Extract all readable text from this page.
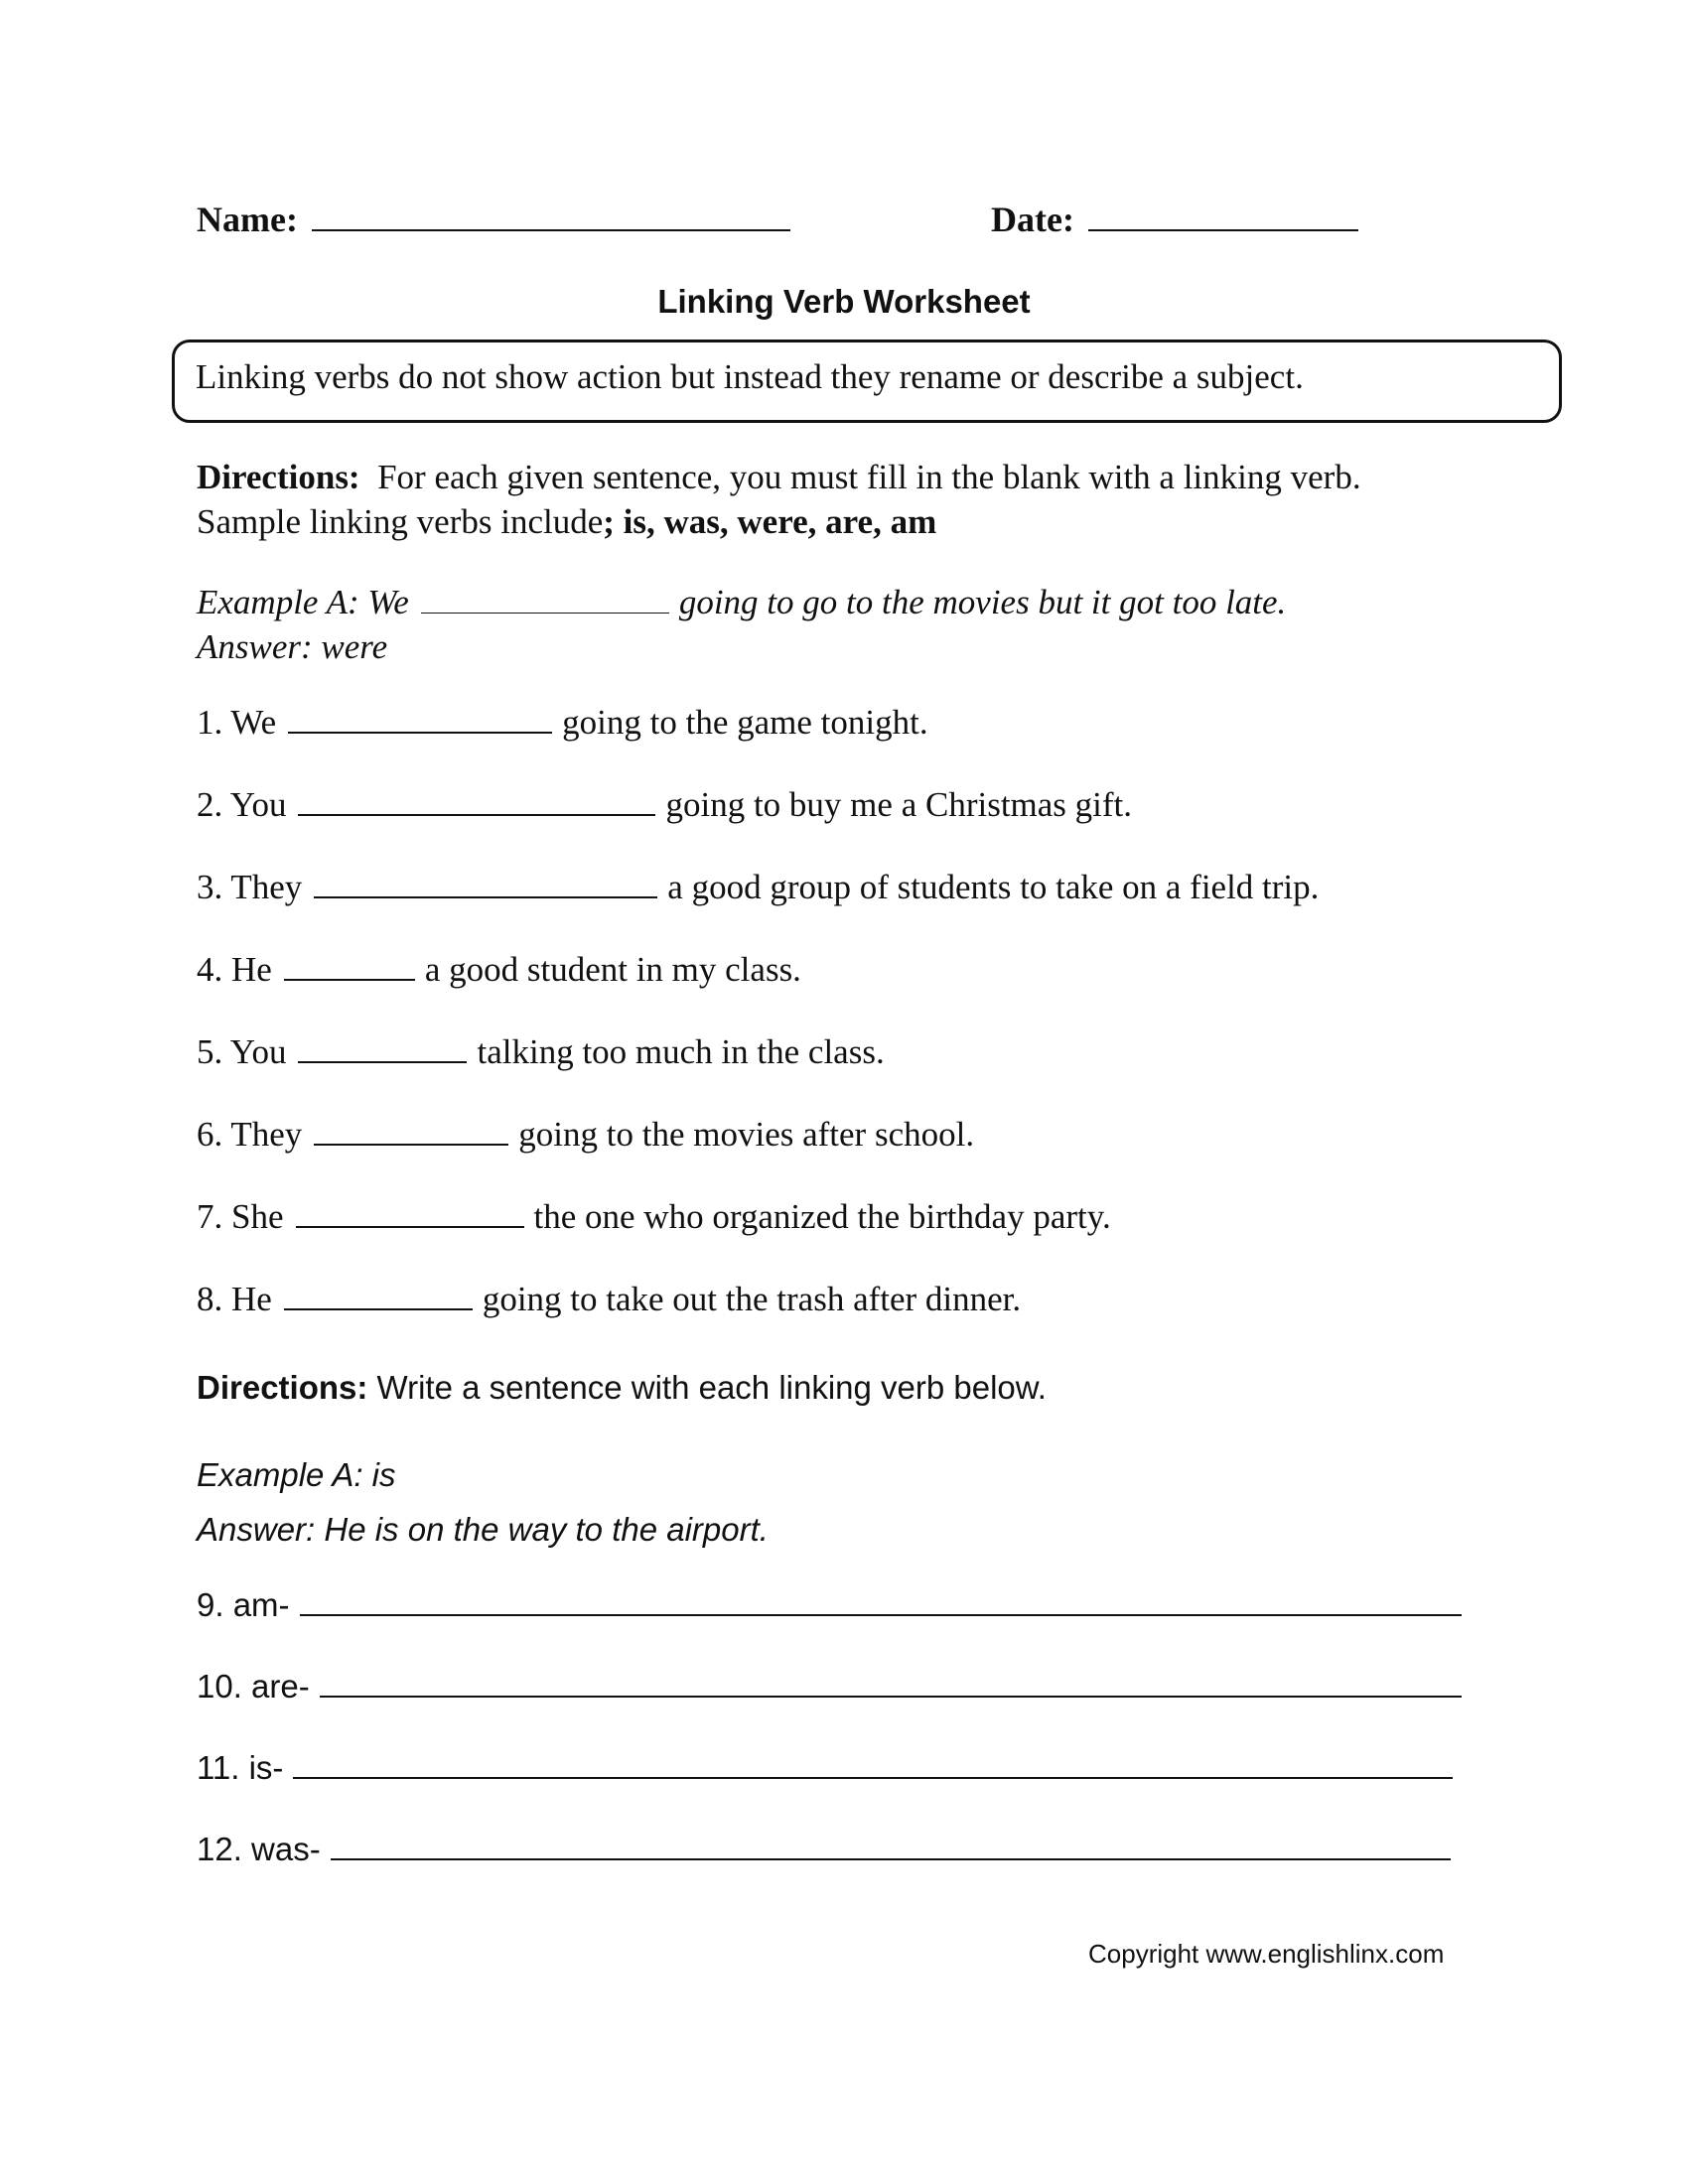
Name:	Date:
Linking Verb Worksheet
Linking verbs do not show action but instead they rename or describe a subject.
Directions: For each given sentence, you must fill in the blank with a linking verb.
Sample linking verbs include; is, was, were, are, am
Example A: We	going to go to the movies but it got too late.
Answer: were
1. We	going to the game tonight.
2. You	going to buy me a Christmas gift.
3. They	a good group of students to take on a field trip.
4. He	a good student in my class.
5. You	talking too much in the class.
6. They	going to the movies after school.
7. She	the one who organized the birthday party.
8. He	going to take out the trash after dinner.
Directions: Write a sentence with each linking verb below.
Example A: is
Answer: He is on the way to the airport.
9. am-
10. are-
11. is-
12. was-
Copyright www.englishlinx.com
